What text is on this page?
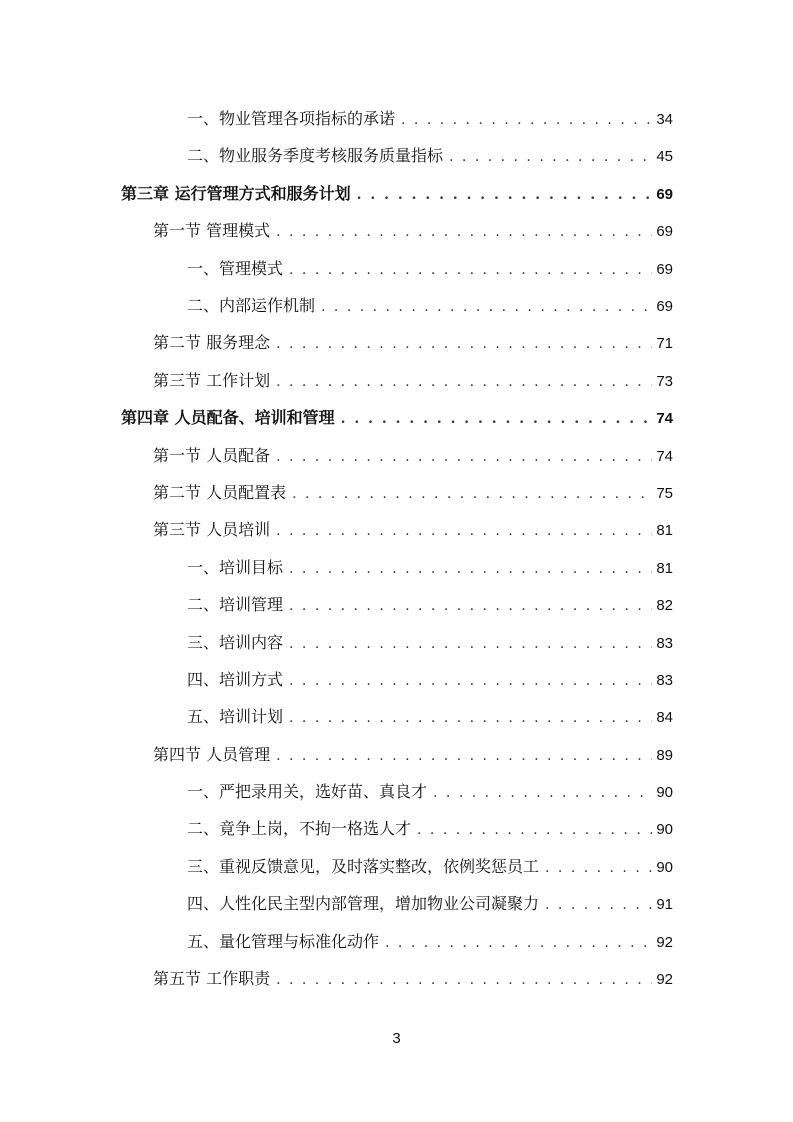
一、物业管理各项指标的承诺 . . .	34
二、物业服务季度考核服务质量指标 . . .	45
第三章 运行管理方式和服务计划 . . .	69
第一节 管理模式 . . .	69
一、管理模式 . . .	69
二、内部运作机制 . . .	69
第二节 服务理念 . . .	71
第三节 工作计划 . . .	73
第四章 人员配备、培训和管理 . . .	74
第一节 人员配备 . . .	74
第二节 人员配置表 . . .	75
第三节 人员培训 . . .	81
一、培训目标 . . .	81
二、培训管理 . . .	82
三、培训内容 . . .	83
四、培训方式 . . .	83
五、培训计划 . . .	84
第四节 人员管理 . . .	89
一、严把录用关，选好苗、真良才 . . .	90
二、竟争上岗，不拘一格选人才 . . .	90
三、重视反馈意见，及时落实整改，依例奖惩员工 . . .	90
四、人性化民主型内部管理，增加物业公司凝聚力 . . .	91
五、量化管理与标准化动作 . . .	92
第五节 工作职责 . . .	92
3
